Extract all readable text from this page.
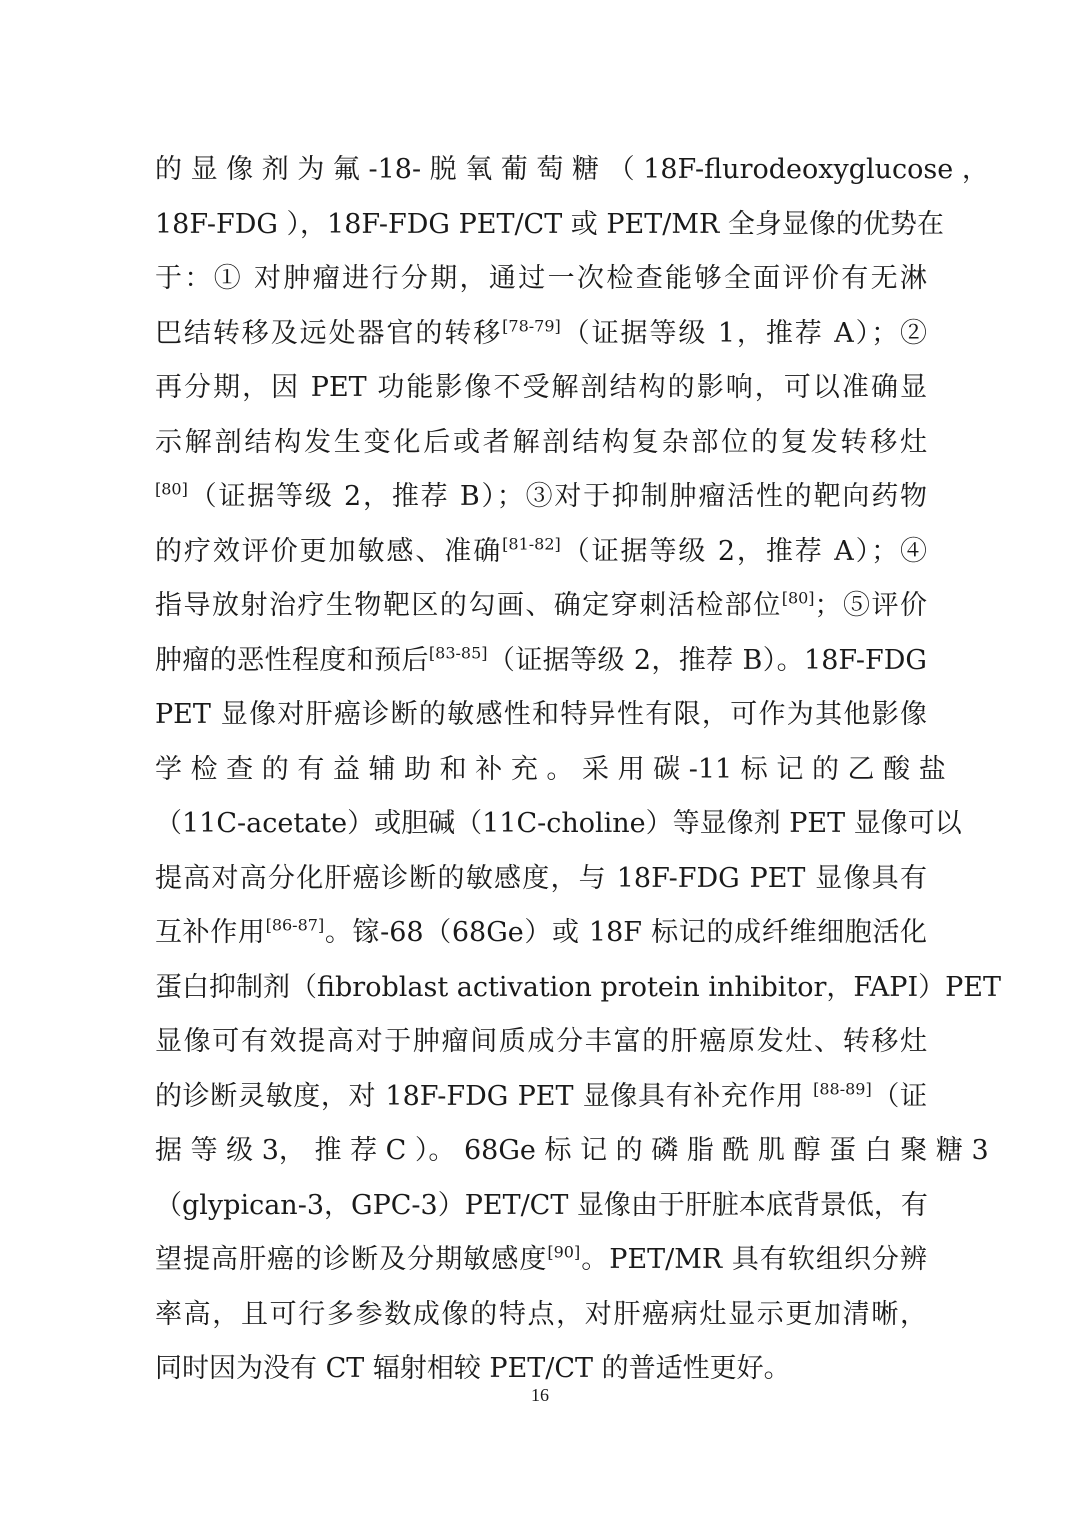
的 显 像 剂 为 氟 -18- 脱 氧 葡 萄 糖 （ 18F-flurodeoxyglucose ，
18F-FDG ），18F-FDG PET/CT 或 PET/MR 全身显像的优势在
于：① 对肿瘤进行分期，通过一次检查能够全面评价有无淋
巴结转移及远处器官的转移[78-79]（证据等级 1，推荐 A）；②
再分期，因 PET 功能影像不受解剖结构的影响，可以准确显
示解剖结构发生变化后或者解剖结构复杂部位的复发转移灶
[80]（证据等级 2，推荐 B）；③对于抑制肿瘤活性的靶向药物
的疗效评价更加敏感、准确[81-82]（证据等级 2，推荐 A）；④
指导放射治疗生物靶区的勾画、确定穿刺活检部位[80]；⑤评价
肿瘤的恶性程度和预后[83-85]（证据等级 2，推荐 B）。18F-FDG
PET 显像对肝癌诊断的敏感性和特异性有限，可作为其他影像
学 检 查 的 有 益 辅 助 和 补 充 。 采 用 碳 -11 标 记 的 乙 酸 盐
（11C-acetate）或胆碱（11C-choline）等显像剂 PET 显像可以
提高对高分化肝癌诊断的敏感度，与 18F-FDG PET 显像具有
互补作用[86-87]。镓-68（68Ge）或 18F 标记的成纤维细胞活化
蛋白抑制剂（fibroblast activation protein inhibitor，FAPI）PET
显像可有效提高对于肿瘤间质成分丰富的肝癌原发灶、转移灶
的诊断灵敏度，对 18F-FDG PET 显像具有补充作用 [88-89]（证
据 等 级 3， 推 荐 C ）。 68Ge 标 记 的 磷 脂 酰 肌 醇 蛋 白 聚 糖 3
（glypican-3，GPC-3）PET/CT 显像由于肝脏本底背景低，有
望提高肝癌的诊断及分期敏感度[90]。PET/MR 具有软组织分辨
率高，且可行多参数成像的特点，对肝癌病灶显示更加清晰，
同时因为没有 CT 辐射相较 PET/CT 的普适性更好。
16
